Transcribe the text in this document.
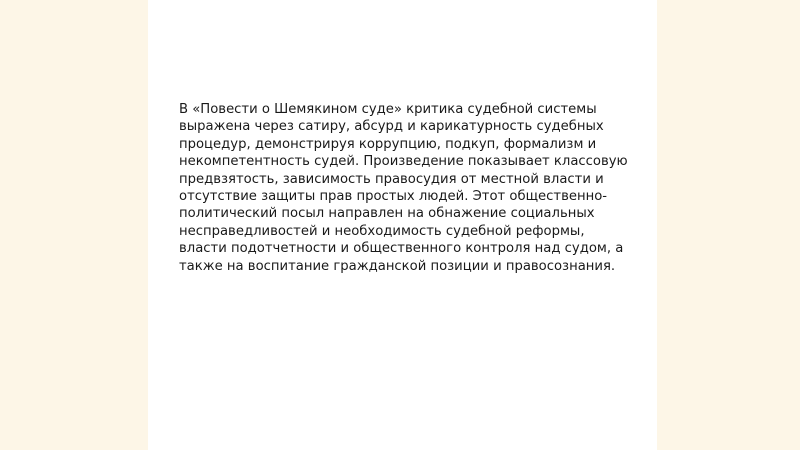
В «Повести о Шемякином суде» критика судебной системы
выражена через сатиру, абсурд и карикатурность судебных
процедур, демонстрируя коррупцию, подкуп, формализм и
некомпетентность судей. Произведение показывает классовую
предвзятость, зависимость правосудия от местной власти и
отсутствие защиты прав простых людей. Этот общественно-
политический посыл направлен на обнажение социальных
несправедливостей и необходимость судебной реформы,
власти подотчетности и общественного контроля над судом, а
также на воспитание гражданской позиции и правосознания.
